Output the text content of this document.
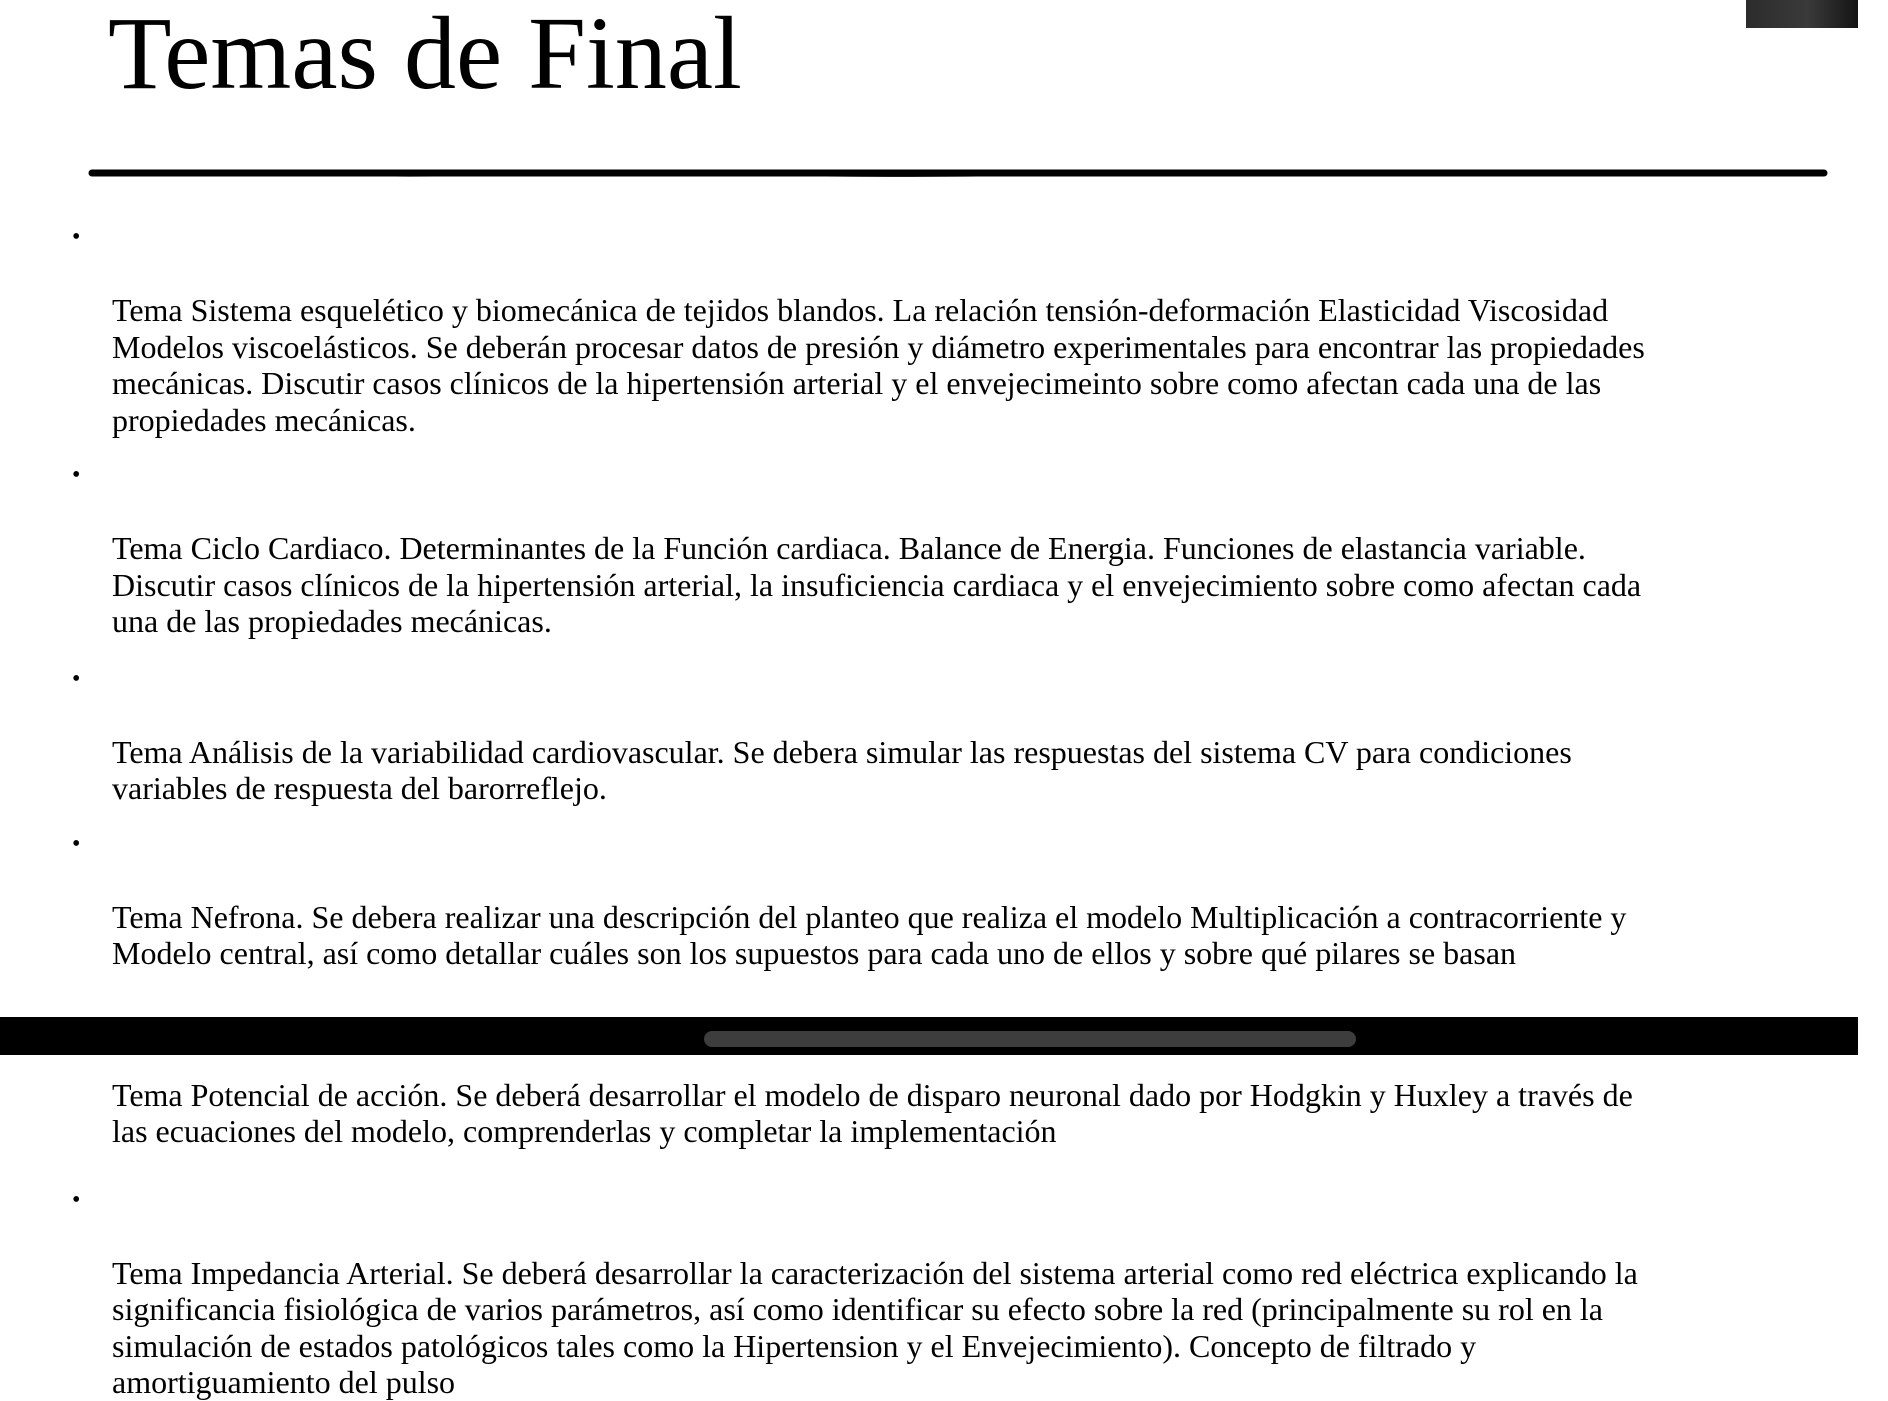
Temas de Final

•

Tema Sistema esquelético y biomecánica de tejidos blandos. La relación tensión-deformación Elasticidad Viscosidad
Modelos viscoelásticos. Se deberán procesar datos de presión y diámetro experimentales para encontrar las propiedades
mecánicas. Discutir casos clínicos de la hipertensión arterial y el envejecimeinto sobre como afectan cada una de las
propiedades mecánicas.

•

Tema Ciclo Cardiaco. Determinantes de la Función cardiaca. Balance de Energia. Funciones de elastancia variable.
Discutir casos clínicos de la hipertensión arterial, la insuficiencia cardiaca y el envejecimiento sobre como afectan cada
una de las propiedades mecánicas.

•

Tema Análisis de la variabilidad cardiovascular. Se debera simular las respuestas del sistema CV para condiciones
variables de respuesta del barorreflejo.

•

Tema Nefrona. Se debera realizar una descripción del planteo que realiza el modelo Multiplicación a contracorriente y
Modelo central, así como detallar cuáles son los supuestos para cada uno de ellos y sobre qué pilares se basan

Tema Potencial de acción. Se deberá desarrollar el modelo de disparo neuronal dado por Hodgkin y Huxley a través de
las ecuaciones del modelo, comprenderlas y completar la implementación

•

Tema Impedancia Arterial. Se deberá desarrollar la caracterización del sistema arterial como red eléctrica explicando la
significancia fisiológica de varios parámetros, así como identificar su efecto sobre la red (principalmente su rol en la
simulación de estados patológicos tales como la Hipertension y el Envejecimiento). Concepto de filtrado y
amortiguamiento del pulso
